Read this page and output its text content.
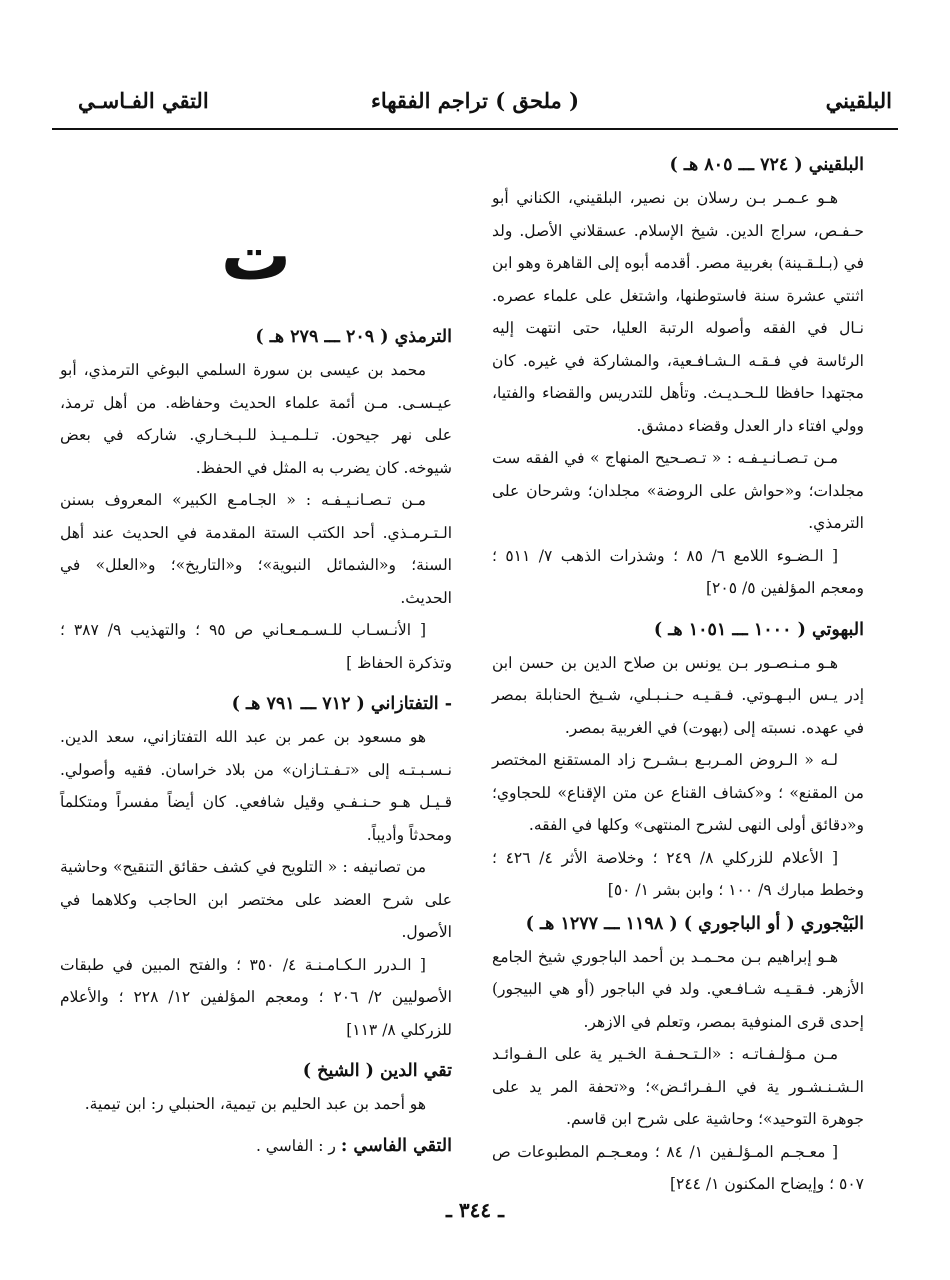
البلقيني
( ملحق ) تراجم الفقهاء
التقي الفـاسـي

البلقيني ( ٧٢٤ ـــ ٨٠٥ هـ )

هـو عـمـر بـن رسلان بن نصير، البلقيني، الكناني أبو حـفـص، سراج الدين. شيخ الإسلام. عسقلاني الأصل. ولد في (بـلـقـينة) بغربية مصر. أقدمه أبوه إلى القاهرة وهو ابن اثنتي عشرة سنة فاستوطنها، واشتغل على علماء عصره. نـال في الفقه وأصوله الرتبة العليا، حتى انتهت إليه الرئاسة في فـقـه الـشـافـعية، والمشاركة في غيره. كان مجتهدا حافظا للـحـديـث. وتأهل للتدريس والقضاء والفتيا، وولي افتاء دار العدل وقضاء دمشق.

مـن تـصـانـيـفـه : « تـصـحيح المنهاج » في الفقه ست مجلدات؛ و«حواش على الروضة» مجلدان؛ وشرحان على الترمذي.

[ الـضـوء اللامع ٦/ ٨٥ ؛ وشذرات الذهب ٧/ ٥١١ ؛ ومعجم المؤلفين ٥/ ٢٠٥]

البهوتي ( ١٠٠٠ ـــ ١٠٥١ هـ )

هـو مـنـصـور بـن يونس بن صلاح الدين بن حسن ابن إدر يـس البـهـوتي. فـقـيـه حـنـبـلي، شـيخ الحنابلة بمصر في عهده. نسبته إلى (بهوت) في الغربية بمصر.

لـه « الـروض المـربـع بـشـرح زاد المستقنع المختصر من المقنع» ؛ و«كشاف القناع عن متن الإقناع» للحجاوي؛ و«دقائق أولى النهى لشرح المنتهى» وكلها في الفقه.

[ الأعلام للزركلي ٨/ ٢٤٩ ؛ وخلاصة الأثر ٤/ ٤٢٦ ؛ وخطط مبارك ٩/ ١٠٠ ؛ وابن بشر ١/ ٥٠]

البَيْجوري ( أو الباجوري ) ( ١١٩٨ ـــ ١٢٧٧ هـ )

هـو إبراهيم بـن محـمـد بن أحمد الباجوري شيخ الجامع الأزهر. فـقـيـه شـافـعي. ولد في الباجور (أو هي البيجور) إحدى قرى المنوفية بمصر، وتعلم في الازهر.

مـن مـؤلـفـاتـه : «الـتـحـفـة الخـير ية على الـفـوائـد الـشـنـشـور ية في الـفـرائـض»؛ و«تحفة المر يد على جوهرة التوحيد»؛ وحاشية على شرح ابن قاسم.

[ معـجـم المـؤلـفين ١/ ٨٤ ؛ ومعـجـم المطبوعات ص ٥٠٧ ؛ وإيضاح المكنون ١/ ٢٤٤]

ت

الترمذي ( ٢٠٩ ـــ ٢٧٩ هـ )

محمد بن عيسى بن سورة السلمي البوغي الترمذي، أبو عيـسـى. مـن أئمة علماء الحديث وحفاظه. من أهل ترمذ، على نهر جيحون. تـلـمـيـذ للـبـخـاري. شاركه في بعض شيوخه. كان يضرب به المثل في الحفظ.

مـن تـصـانـيـفـه : « الجـامـع الكبير» المعروف بسنن الـتـرمـذي. أحد الكتب الستة المقدمة في الحديث عند أهل السنة؛ و«الشمائل النبوية»؛ و«التاريخ»؛ و«العلل» في الحديث.

[ الأنـسـاب للـسـمـعـاني ص ٩٥ ؛ والتهذيب ٩/ ٣٨٧ ؛ وتذكرة الحفاظ ]

- التفتازاني ( ٧١٢ ـــ ٧٩١ هـ )

هو مسعود بن عمر بن عبد الله التفتازاني، سعد الدين. نـسـبـتـه إلى «تـفـتـازان» من بلاد خراسان. فقيه وأصولي. قـيـل هـو حـنـفـي وقيل شافعي. كان أيضاً مفسراً ومتكلماً ومحدثاً وأديباً.

من تصانيفه : « التلويح في كشف حقائق التنقيح» وحاشية على شرح العضد على مختصر ابن الحاجب وكلاهما في الأصول.

[ الـدرر الـكـامـنـة ٤/ ٣٥٠ ؛ والفتح المبين في طبقات الأصوليين ٢/ ٢٠٦ ؛ ومعجم المؤلفين ١٢/ ٢٢٨ ؛ والأعلام للزركلي ٨/ ١١٣]

تقي الدين ( الشيخ )

هو أحمد بن عبد الحليم بن تيمية، الحنبلي ر: ابن تيمية.

التقي الفاسي : ر : الفاسي .

ـ ٣٤٤ ـ
